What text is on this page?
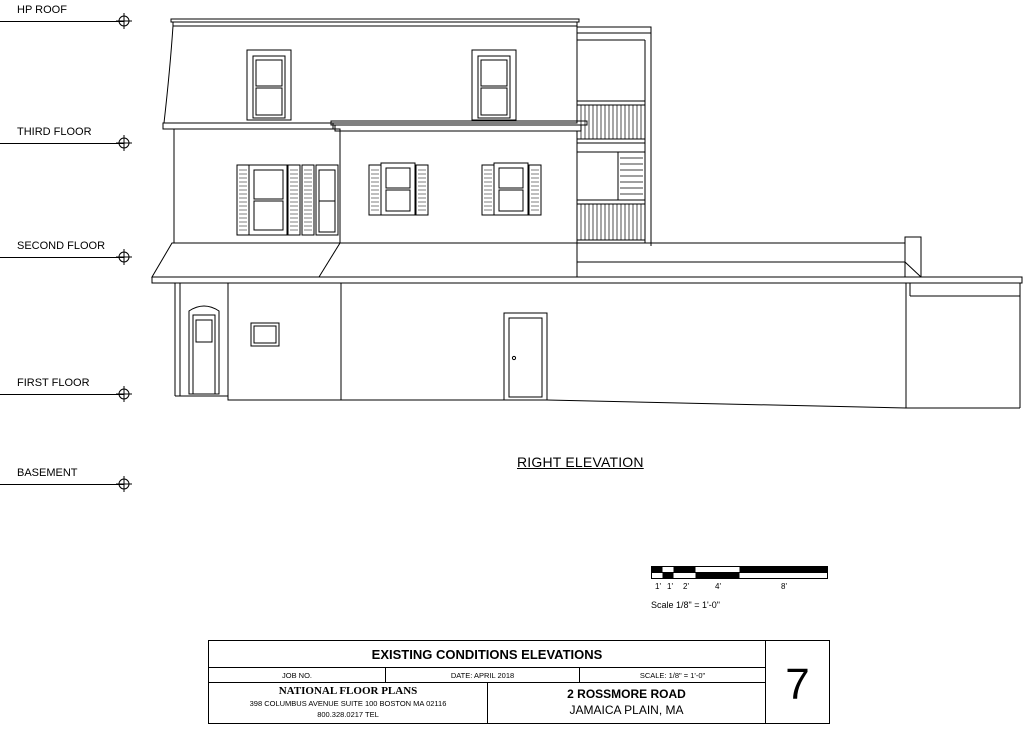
HP ROOF
THIRD FLOOR
SECOND FLOOR
FIRST FLOOR
BASEMENT
RIGHT ELEVATION
1' 1' 2'	4'	8'
Scale 1/8" = 1'-0"
EXISTING CONDITIONS ELEVATIONS
JOB NO.	DATE: APRIL 2018	SCALE: 1/8" = 1'-0"
NATIONAL FLOOR PLANS
398 COLUMBUS AVENUE SUITE 100 BOSTON MA 02116
800.328.0217 TEL
2 ROSSMORE ROAD
JAMAICA PLAIN, MA
7
